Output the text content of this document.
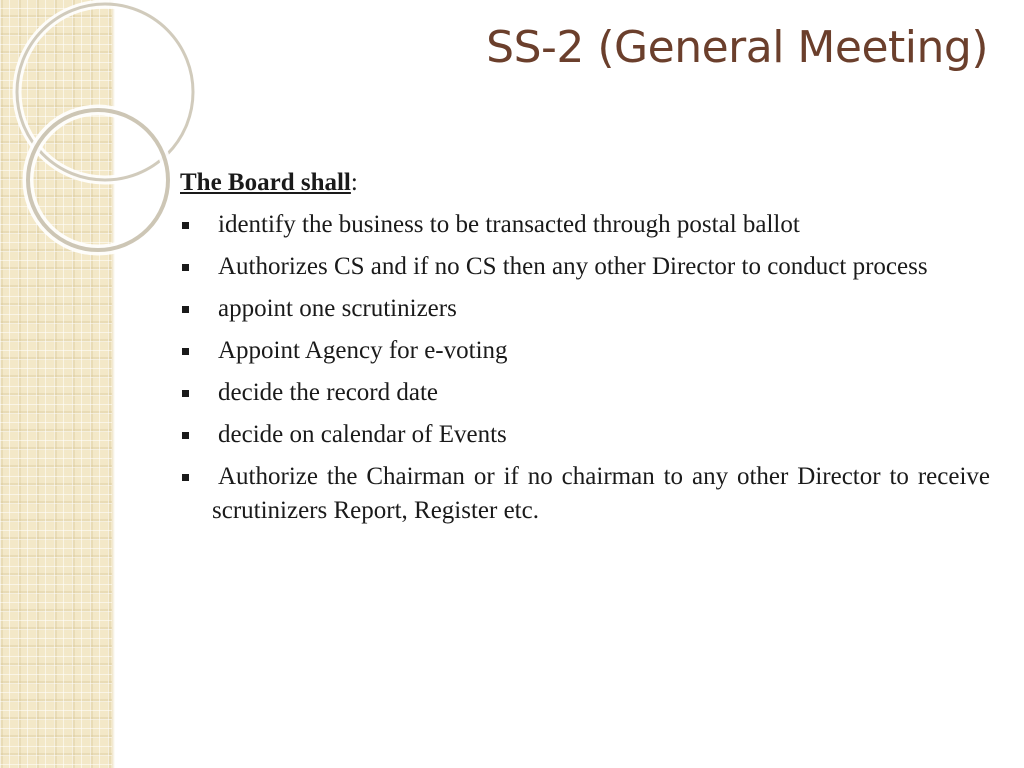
SS-2 (General Meeting)

The Board shall:

identify the business to be transacted through postal ballot
Authorizes CS and if no CS then any other Director to conduct process
appoint one scrutinizers
Appoint Agency for e-voting
decide the record date
decide on calendar of Events
Authorize the Chairman or if no chairman to any other Director to receive scrutinizers Report, Register etc.
